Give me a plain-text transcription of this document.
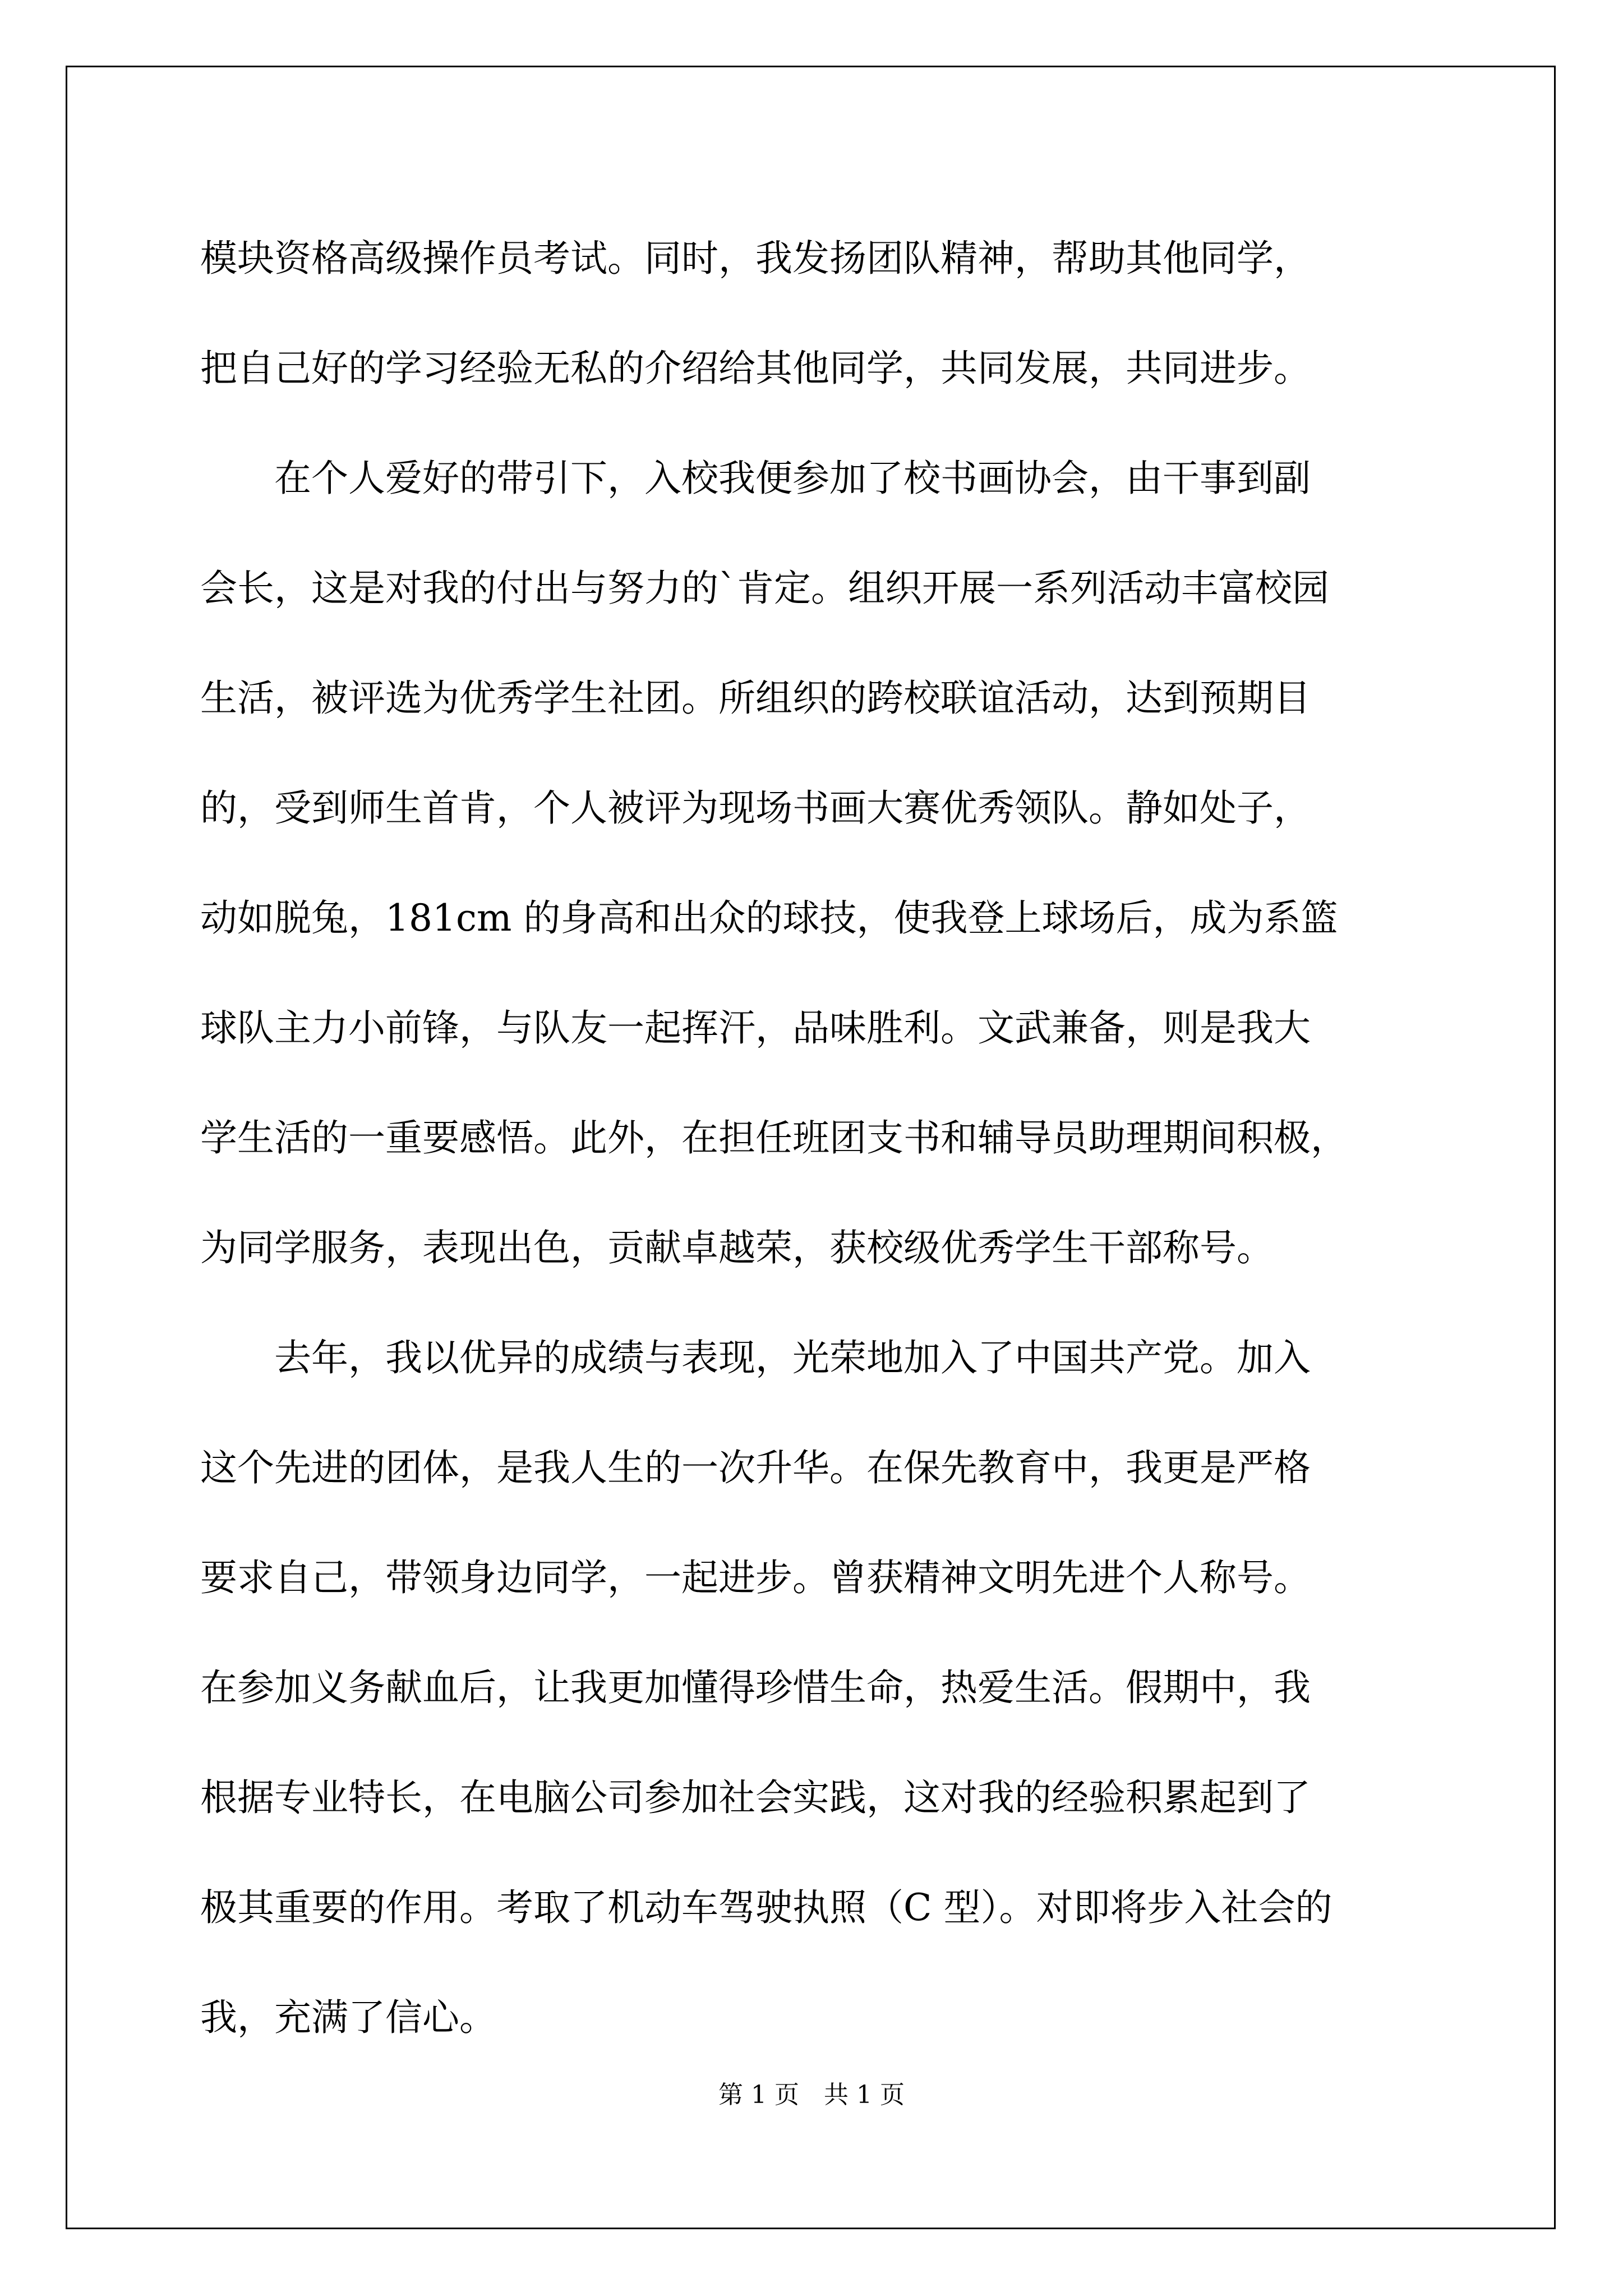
模块资格高级操作员考试。同时，我发扬团队精神，帮助其他同学，
把自己好的学习经验无私的介绍给其他同学，共同发展，共同进步。
在个人爱好的带引下，入校我便参加了校书画协会，由干事到副
会长，这是对我的付出与努力的`肯定。组织开展一系列活动丰富校园
生活，被评选为优秀学生社团。所组织的跨校联谊活动，达到预期目
的，受到师生首肯，个人被评为现场书画大赛优秀领队。静如处子，
动如脱兔，181cm 的身高和出众的球技，使我登上球场后，成为系篮
球队主力小前锋，与队友一起挥汗，品味胜利。文武兼备，则是我大
学生活的一重要感悟。此外，在担任班团支书和辅导员助理期间积极，
为同学服务，表现出色，贡献卓越荣，获校级优秀学生干部称号。
去年，我以优异的成绩与表现，光荣地加入了中国共产党。加入
这个先进的团体，是我人生的一次升华。在保先教育中，我更是严格
要求自己，带领身边同学，一起进步。曾获精神文明先进个人称号。
在参加义务献血后，让我更加懂得珍惜生命，热爱生活。假期中，我
根据专业特长，在电脑公司参加社会实践，这对我的经验积累起到了
极其重要的作用。考取了机动车驾驶执照（C 型）。对即将步入社会的
我，充满了信心。
第 1 页　共 1 页
